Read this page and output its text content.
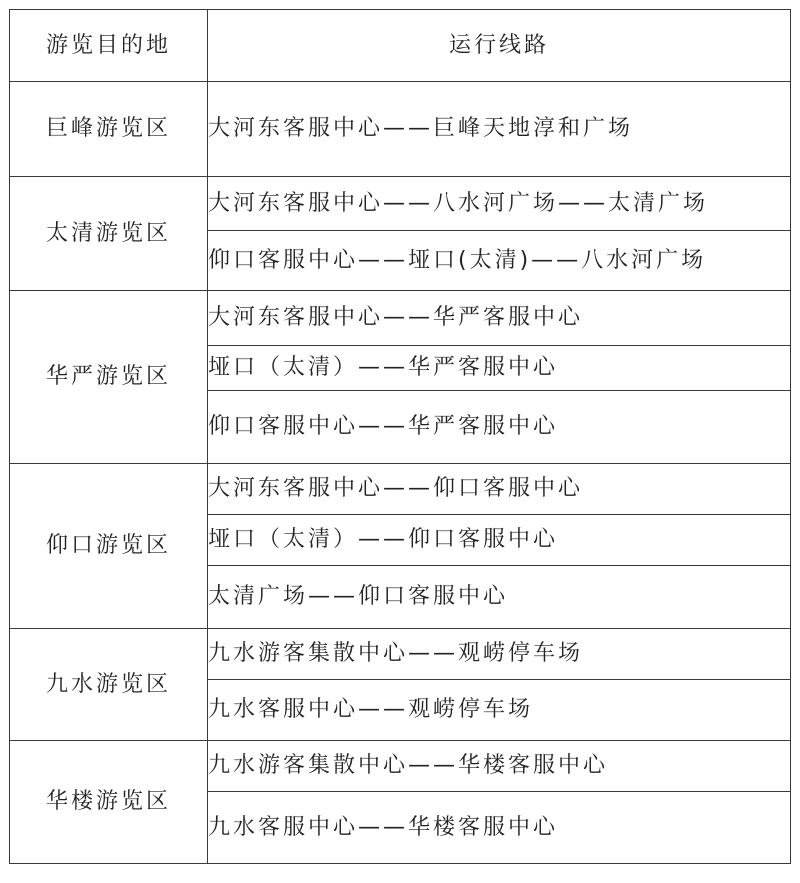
游览目的地	运行线路
巨峰游览区	大河东客服中心——巨峰天地淳和广场
太清游览区	大河东客服中心——八水河广场——太清广场
	仰口客服中心——垭口(太清)——八水河广场
华严游览区	大河东客服中心——华严客服中心
	垭口（太清）——华严客服中心
	仰口客服中心——华严客服中心
仰口游览区	大河东客服中心——仰口客服中心
	垭口（太清）——仰口客服中心
	太清广场——仰口客服中心
九水游览区	九水游客集散中心——观崂停车场
	九水客服中心——观崂停车场
华楼游览区	九水游客集散中心——华楼客服中心
	九水客服中心——华楼客服中心
